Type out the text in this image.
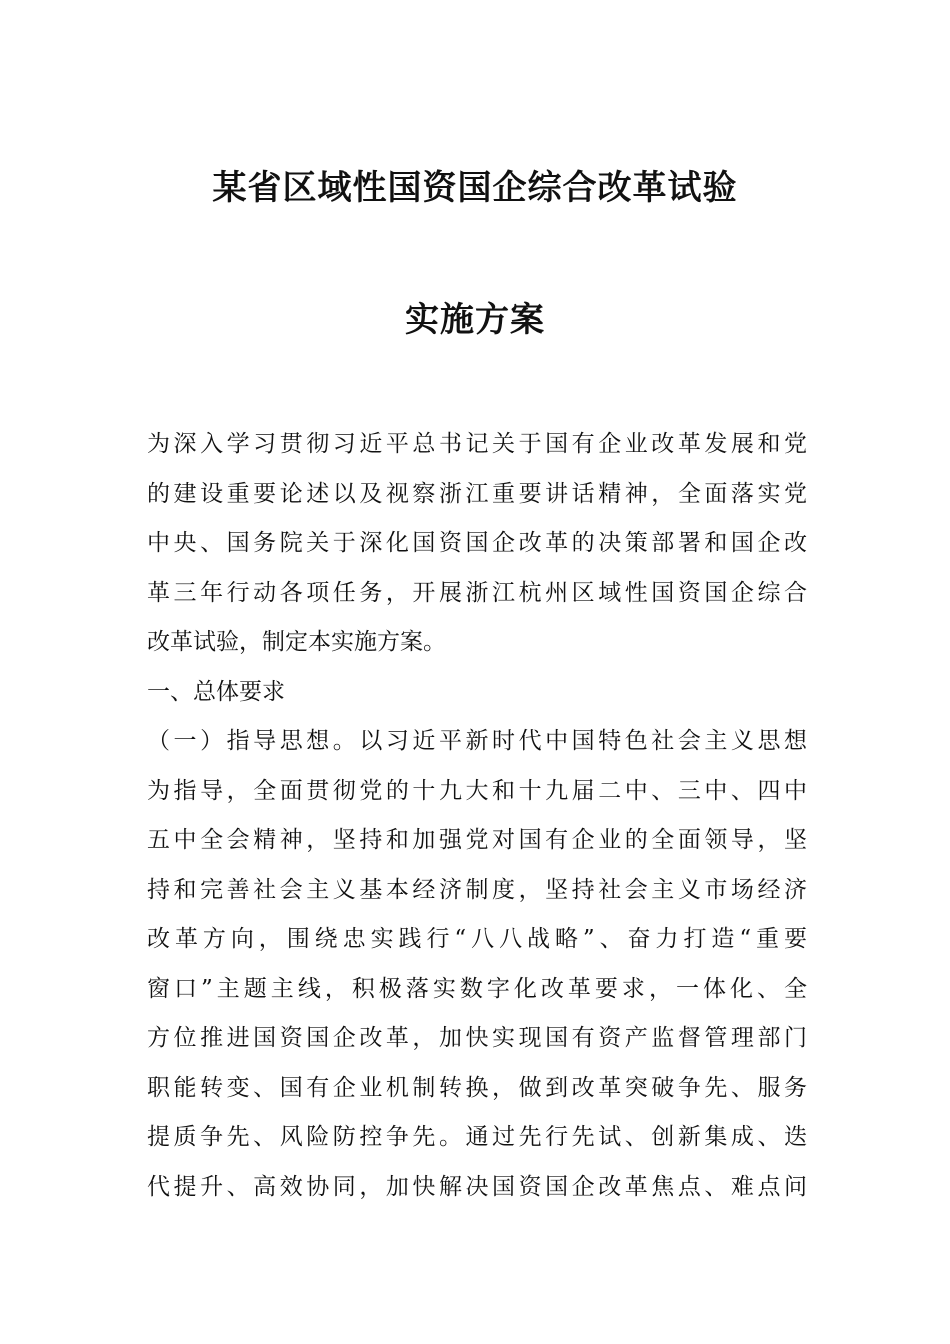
某省区域性国资国企综合改革试验
实施方案
为深入学习贯彻习近平总书记关于国有企业改革发展和党
的建设重要论述以及视察浙江重要讲话精神，全面落实党
中央、国务院关于深化国资国企改革的决策部署和国企改
革三年行动各项任务，开展浙江杭州区域性国资国企综合
改革试验，制定本实施方案。
一、总体要求
（一）指导思想。以习近平新时代中国特色社会主义思想
为指导，全面贯彻党的十九大和十九届二中、三中、四中
五中全会精神，坚持和加强党对国有企业的全面领导，坚
持和完善社会主义基本经济制度，坚持社会主义市场经济
改革方向，围绕忠实践行“八八战略”、奋力打造“重要
窗口”主题主线，积极落实数字化改革要求，一体化、全
方位推进国资国企改革，加快实现国有资产监督管理部门
职能转变、国有企业机制转换，做到改革突破争先、服务
提质争先、风险防控争先。通过先行先试、创新集成、迭
代提升、高效协同，加快解决国资国企改革焦点、难点问
